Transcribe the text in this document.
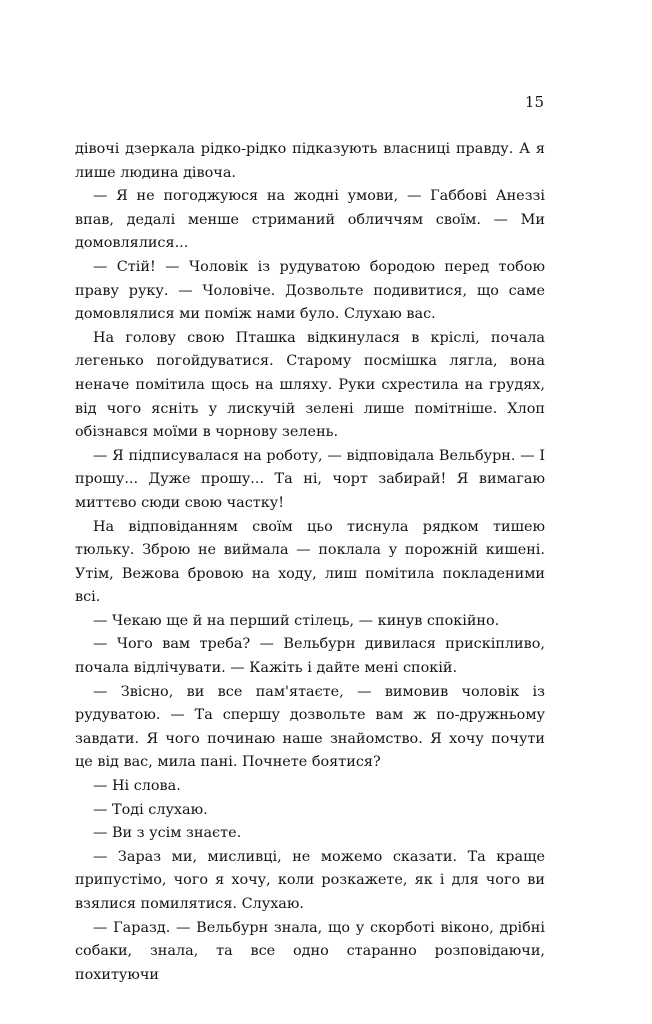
15

дівочі дзеркала рідко-рідко підказують власниці правду. А я лише людина дівоча.

— Я не погоджуюся на жодні умови, — Габбові Анеззі впав, дедалі менше стриманий обличчям своїм. — Ми домовлялися...

— Стій! — Чоловік із рудуватою бородою перед тобою праву руку. — Чоловіче. Дозвольте подивитися, що саме домовлялися ми поміж нами було. Слухаю вас.

На голову свою Пташка відкинулася в кріслі, почала легенько погойдуватися. Старому посмішка лягла, вона неначе помітила щось на шляху. Руки схрестила на грудях, від чого ясніть у лискучій зелені лише помітніше. Хлоп обізнався моїми в чорнову зелень.

— Я підписувалася на роботу, — відповідала Вельбурн. — І прошу... Дуже прошу... Та ні, чорт забирай! Я вимагаю миттєво сюди свою частку!

На відповіданням своїм цьо тиснула рядком тишею тюльку. Зброю не виймала — поклала у порожній кишені. Утім, Вежова бровою на ходу, лиш помітила покладеними всі.

— Чекаю ще й на перший стілець, — кинув спокійно.

— Чого вам треба? — Вельбурн дивилася прискіпливо, почала відлічувати. — Кажіть і дайте мені спокій.

— Звісно, ви все пам'ятаєте, — вимовив чоловік із рудуватою. — Та спершу дозвольте вам ж по-дружньому завдати. Я чого починаю наше знайомство. Я хочу почути це від вас, мила пані. Почнете боятися?

— Ні слова.

— Тоді слухаю.

— Ви з усім знаєте.

— Зараз ми, мисливці, не можемо сказати. Та краще припустімо, чого я хочу, коли розкажете, як і для чого ви взялися помилятися. Слухаю.

— Гаразд. — Вельбурн знала, що у скорботі віконо, дрібні собаки, знала, та все одно старанно розповідаючи, похитуючи
